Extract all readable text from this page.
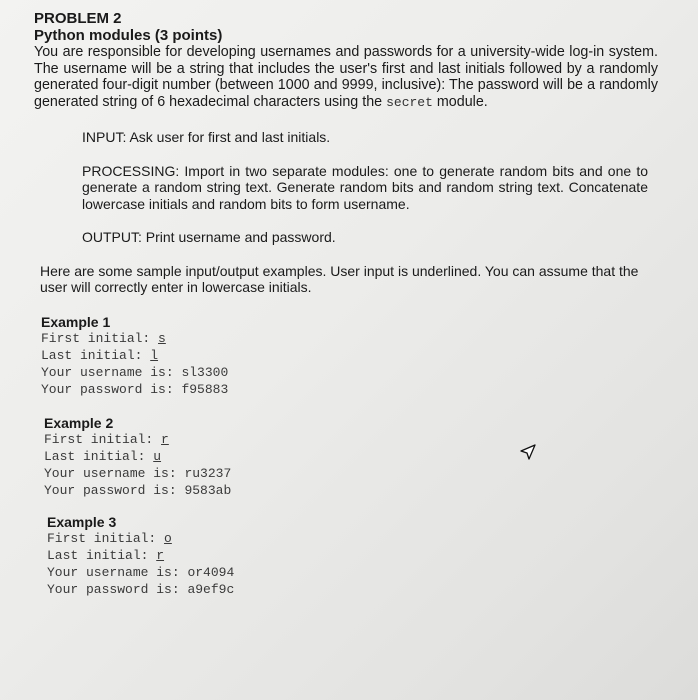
PROBLEM 2

Python modules (3 points)

You are responsible for developing usernames and passwords for a university-wide log-in system. The username will be a string that includes the user's first and last initials followed by a randomly generated four-digit number (between 1000 and 9999, inclusive): The password will be a randomly generated string of 6 hexadecimal characters using the secret module.

INPUT: Ask user for first and last initials.

PROCESSING: Import in two separate modules: one to generate random bits and one to generate a random string text. Generate random bits and random string text. Concatenate lowercase initials and random bits to form username.

OUTPUT: Print username and password.

Here are some sample input/output examples. User input is underlined. You can assume that the user will correctly enter in lowercase initials.

Example 1
First initial: s
Last initial: l
Your username is: sl3300
Your password is: f95883
Example 2
First initial: r
Last initial: u
Your username is: ru3237
Your password is: 9583ab
Example 3
First initial: o
Last initial: r
Your username is: or4094
Your password is: a9ef9c
